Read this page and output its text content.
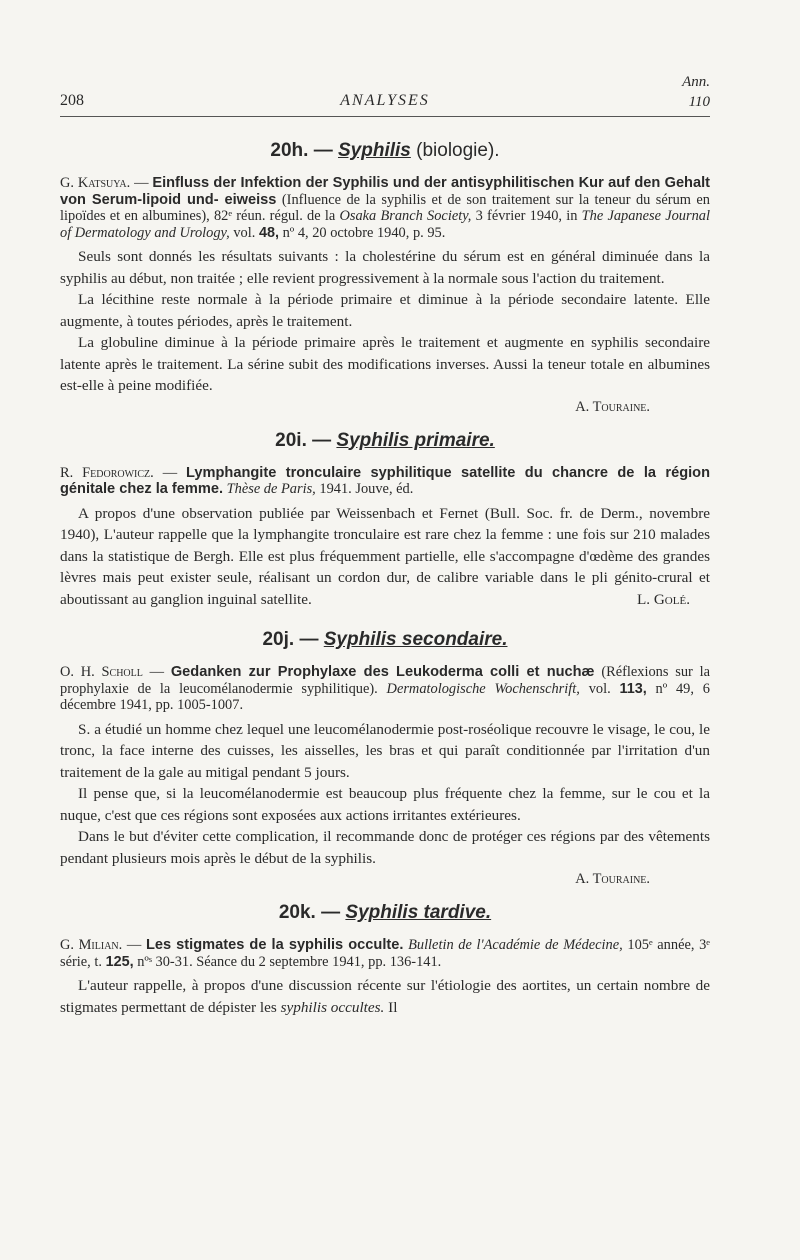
208	ANALYSES
Ann.
110
20h. — Syphilis (biologie).
G. Katsuya. — Einfluss der Infektion der Syphilis und der antisyphilitischen Kur auf den Gehalt von Serum-lipoid und- eiweiss (Influence de la syphilis et de son traitement sur la teneur du sérum en lipoïdes et en albumines), 82ᵉ réun. régul. de la Osaka Branch Society, 3 février 1940, in The Japanese Journal of Dermatology and Urology, vol. 48, nº 4, 20 octobre 1940, p. 95.

Seuls sont donnés les résultats suivants : la cholestérine du sérum est en général diminuée dans la syphilis au début, non traitée ; elle revient progressivement à la normale sous l'action du traitement.

La lécithine reste normale à la période primaire et diminue à la période secondaire latente. Elle augmente, à toutes périodes, après le traitement.

La globuline diminue à la période primaire après le traitement et augmente en syphilis secondaire latente après le traitement. La sérine subit des modifications inverses. Aussi la teneur totale en albumines est-elle à peine modifiée.

A. Touraine.
20i. — Syphilis primaire.
R. Fedorowicz. — Lymphangite tronculaire syphilitique satellite du chancre de la région génitale chez la femme. Thèse de Paris, 1941. Jouve, éd.

A propos d'une observation publiée par Weissenbach et Fernet (Bull. Soc. fr. de Derm., novembre 1940), L'auteur rappelle que la lymphangite tronculaire est rare chez la femme : une fois sur 210 malades dans la statistique de Bergh. Elle est plus fréquemment partielle, elle s'accompagne d'œdème des grandes lèvres mais peut exister seule, réalisant un cordon dur, de calibre variable dans le pli génito-crural et aboutissant au ganglion inguinal satellite.	L. Golé.

20j. — Syphilis secondaire.
O. H. Scholl — Gedanken zur Prophylaxe des Leukoderma colli et nuchæ (Réflexions sur la prophylaxie de la leucomélanodermie syphilitique). Dermatologische Wochenschrift, vol. 113, nº 49, 6 décembre 1941, pp. 1005-1007.

S. a étudié un homme chez lequel une leucomélanodermie post-roséolique recouvre le visage, le cou, le tronc, la face interne des cuisses, les aisselles, les bras et qui paraît conditionnée par l'irritation d'un traitement de la gale au mitigal pendant 5 jours.

Il pense que, si la leucomélanodermie est beaucoup plus fréquente chez la femme, sur le cou et la nuque, c'est que ces régions sont exposées aux actions irritantes extérieures.

Dans le but d'éviter cette complication, il recommande donc de protéger ces régions par des vêtements pendant plusieurs mois après le début de la syphilis.

A. Touraine.
20k. — Syphilis tardive.
G. Milian. — Les stigmates de la syphilis occulte. Bulletin de l'Académie de Médecine, 105ᵉ année, 3ᵉ série, t. 125, nºˢ 30-31. Séance du 2 septembre 1941, pp. 136-141.

L'auteur rappelle, à propos d'une discussion récente sur l'étiologie des aortites, un certain nombre de stigmates permettant de dépister les syphilis occultes. Il
